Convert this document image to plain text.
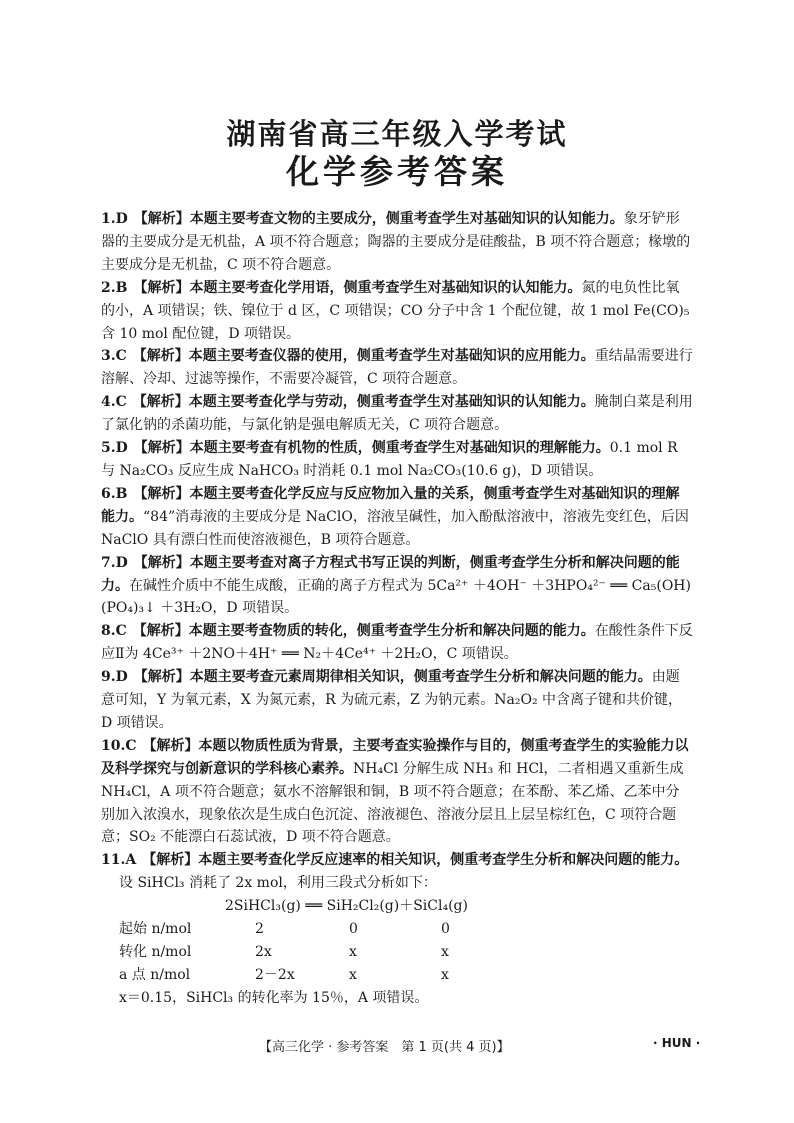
湖南省高三年级入学考试
化学参考答案

1.D 【解析】本题主要考查文物的主要成分，侧重考查学生对基础知识的认知能力。象牙铲形器的主要成分是无机盐，A 项不符合题意；陶器的主要成分是硅酸盐，B 项不符合题意；椽墩的主要成分是无机盐，C 项不符合题意。

2.B 【解析】本题主要考查化学用语，侧重考查学生对基础知识的认知能力。氮的电负性比氧的小，A 项错误；铁、镍位于 d 区，C 项错误；CO 分子中含 1 个配位键，故 1 mol Fe(CO)₅ 含 10 mol 配位键，D 项错误。

3.C 【解析】本题主要考查仪器的使用，侧重考查学生对基础知识的应用能力。重结晶需要进行溶解、冷却、过滤等操作，不需要冷凝管，C 项符合题意。

4.C 【解析】本题主要考查化学与劳动，侧重考查学生对基础知识的认知能力。腌制白菜是利用了氯化钠的杀菌功能，与氯化钠是强电解质无关，C 项符合题意。

5.D 【解析】本题主要考查有机物的性质，侧重考查学生对基础知识的理解能力。0.1 mol R 与 Na₂CO₃ 反应生成 NaHCO₃ 时消耗 0.1 mol Na₂CO₃(10.6 g)，D 项错误。

6.B 【解析】本题主要考查化学反应与反应物加入量的关系，侧重考查学生对基础知识的理解能力。“84”消毒液的主要成分是 NaClO，溶液呈碱性，加入酚酞溶液中，溶液先变红色，后因 NaClO 具有漂白性而使溶液褪色，B 项符合题意。

7.D 【解析】本题主要考查对离子方程式书写正误的判断，侧重考查学生分析和解决问题的能力。在碱性介质中不能生成酸，正确的离子方程式为 5Ca²⁺ ＋4OH⁻ ＋3HPO₄²⁻ ══ Ca₅(OH)(PO₄)₃↓ ＋3H₂O，D 项错误。

8.C 【解析】本题主要考查物质的转化，侧重考查学生分析和解决问题的能力。在酸性条件下反应Ⅱ为 4Ce³⁺ ＋2NO＋4H⁺ ══ N₂＋4Ce⁴⁺ ＋2H₂O，C 项错误。

9.D 【解析】本题主要考查元素周期律相关知识，侧重考查学生分析和解决问题的能力。由题意可知，Y 为氧元素，X 为氮元素，R 为硫元素，Z 为钠元素。Na₂O₂ 中含离子键和共价键，D 项错误。

10.C 【解析】本题以物质性质为背景，主要考查实验操作与目的，侧重考查学生的实验能力以及科学探究与创新意识的学科核心素养。NH₄Cl 分解生成 NH₃ 和 HCl，二者相遇又重新生成 NH₄Cl，A 项不符合题意；氨水不溶解银和铜，B 项不符合题意；在苯酚、苯乙烯、乙苯中分别加入浓溴水，现象依次是生成白色沉淀、溶液褪色、溶液分层且上层呈棕红色，C 项符合题意；SO₂ 不能漂白石蕊试液，D 项不符合题意。

11.A 【解析】本题主要考查化学反应速率的相关知识，侧重考查学生分析和解决问题的能力。

设 SiHCl₃ 消耗了 2x mol，利用三段式分析如下：
2SiHCl₃(g) ══ SiH₂Cl₂(g)＋SiCl₄(g)
起始 n/mol	2	0	0
转化 n/mol	2x	x	x
a 点 n/mol	2－2x	x	x
x＝0.15，SiHCl₃ 的转化率为 15％，A 项错误。
【高三化学 · 参考答案　第 1 页(共 4 页)】	· HUN ·
